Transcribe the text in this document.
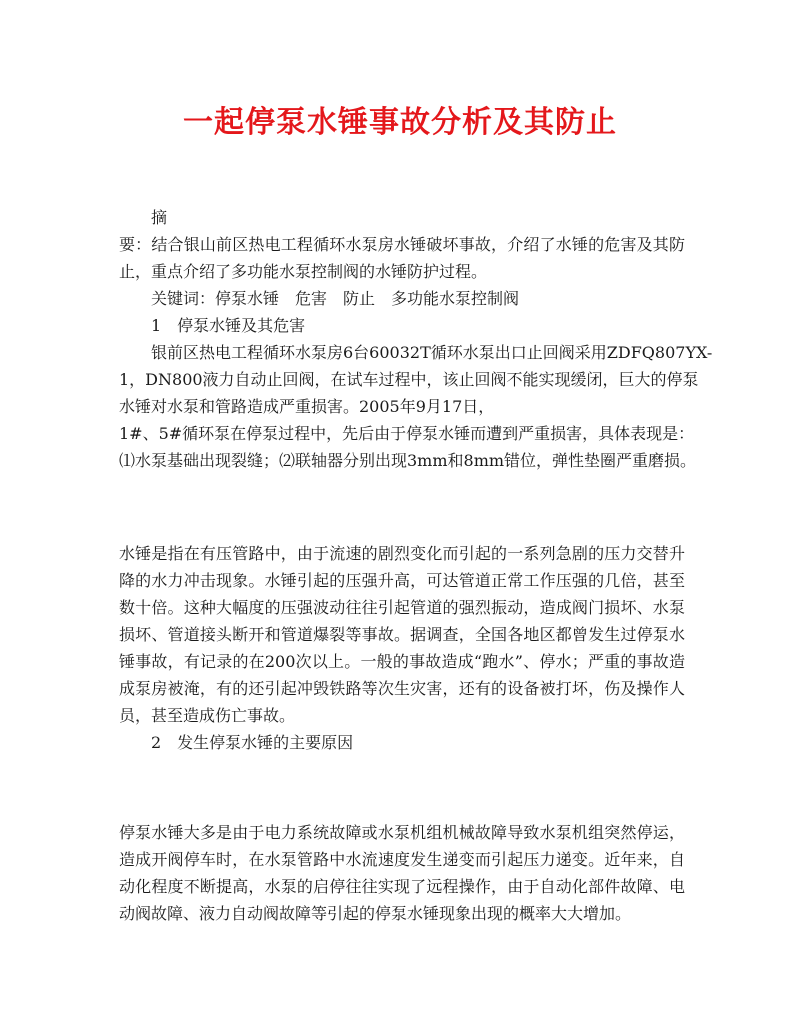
一起停泵水锤事故分析及其防止
摘
要：结合银山前区热电工程循环水泵房水锤破坏事故，介绍了水锤的危害及其防
止，重点介绍了多功能水泵控制阀的水锤防护过程。
关键词：停泵水锤　危害　防止　多功能水泵控制阀
1　停泵水锤及其危害
银前区热电工程循环水泵房6台60032T循环水泵出口止回阀采用ZDFQ807YX-
1，DN800液力自动止回阀，在试车过程中，该止回阀不能实现缓闭，巨大的停泵
水锤对水泵和管路造成严重损害。2005年9月17日，
1#、5#循环泵在停泵过程中，先后由于停泵水锤而遭到严重损害，具体表现是：
⑴水泵基础出现裂缝；⑵联轴器分别出现3mm和8mm错位，弹性垫圈严重磨损。
水锤是指在有压管路中，由于流速的剧烈变化而引起的一系列急剧的压力交替升
降的水力冲击现象。水锤引起的压强升高，可达管道正常工作压强的几倍，甚至
数十倍。这种大幅度的压强波动往往引起管道的强烈振动，造成阀门损坏、水泵
损坏、管道接头断开和管道爆裂等事故。据调查，全国各地区都曾发生过停泵水
锤事故，有记录的在200次以上。一般的事故造成“跑水”、停水；严重的事故造
成泵房被淹，有的还引起冲毁铁路等次生灾害，还有的设备被打坏，伤及操作人
员，甚至造成伤亡事故。
2　发生停泵水锤的主要原因
停泵水锤大多是由于电力系统故障或水泵机组机械故障导致水泵机组突然停运，
造成开阀停车时，在水泵管路中水流速度发生递变而引起压力递变。近年来，自
动化程度不断提高，水泵的启停往往实现了远程操作，由于自动化部件故障、电
动阀故障、液力自动阀故障等引起的停泵水锤现象出现的概率大大增加。
